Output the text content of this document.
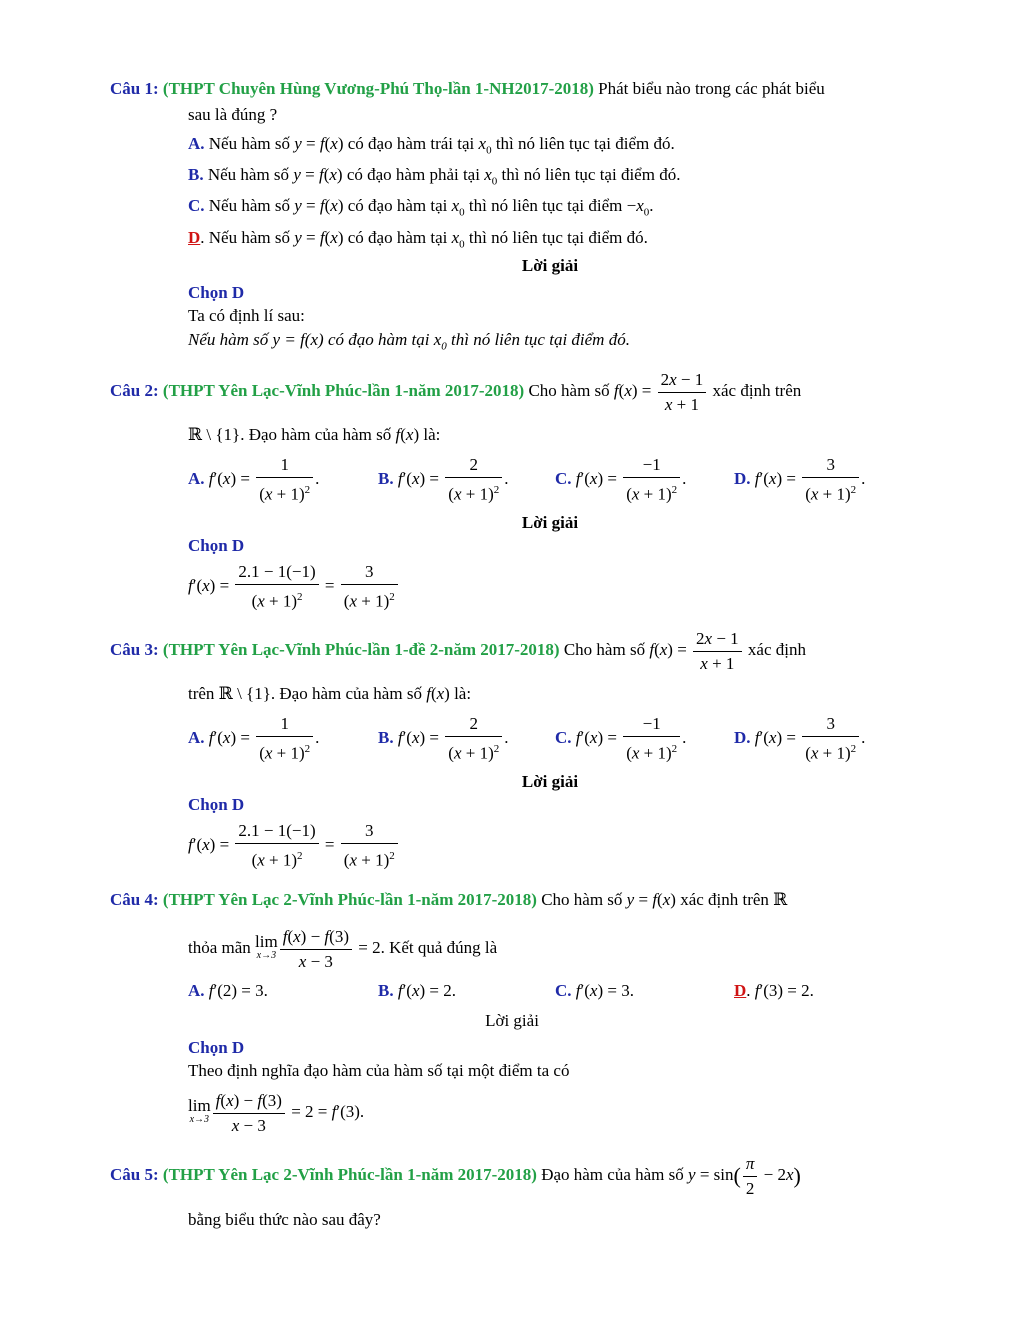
Câu 1: (THPT Chuyên Hùng Vương-Phú Thọ-lần 1-NH2017-2018) Phát biểu nào trong các phát biểu
sau là đúng ?
A. Nếu hàm số y = f(x) có đạo hàm trái tại $x_0$ thì nó liên tục tại điểm đó.
B. Nếu hàm số y = f(x) có đạo hàm phải tại $x_0$ thì nó liên tục tại điểm đó.
C. Nếu hàm số y = f(x) có đạo hàm tại $x_0$ thì nó liên tục tại điểm $-x_0$.
D. Nếu hàm số y = f(x) có đạo hàm tại $x_0$ thì nó liên tục tại điểm đó.
Lời giải
Chọn D
Ta có định lí sau:
Nếu hàm số y = f(x) có đạo hàm tại $x_0$ thì nó liên tục tại điểm đó.
Câu 2: (THPT Yên Lạc-Vĩnh Phúc-lần 1-năm 2017-2018) Cho hàm số $f(x) = \frac{2x - 1}{x + 1}$ xác định trên
ℝ \ {1}. Đạo hàm của hàm số f(x) là:
A. $f'(x) = \frac{1}{(x + 1)^2}$ .	B. $f'(x) = \frac{2}{(x + 1)^2}$ .	C. $f'(x) = \frac{-1}{(x + 1)^2}$ .	D. $f'(x) = \frac{3}{(x + 1)^2}$ .
Lời giải
Chọn D
$f'(x) = \frac{2.1 - 1(-1)}{(x + 1)^2} = \frac{3}{(x + 1)^2}$
Câu 3: (THPT Yên Lạc-Vĩnh Phúc-lần 1-đề 2-năm 2017-2018) Cho hàm số $f(x) = \frac{2x - 1}{x + 1}$ xác định
trên ℝ \ {1}. Đạo hàm của hàm số f(x) là:
A. $f'(x) = \frac{1}{(x + 1)^2}$ .	B. $f'(x) = \frac{2}{(x + 1)^2}$ .	C. $f'(x) = \frac{-1}{(x + 1)^2}$ .	D. $f'(x) = \frac{3}{(x + 1)^2}$ .
Lời giải
Chọn D
$f'(x) = \frac{2.1 - 1(-1)}{(x + 1)^2} = \frac{3}{(x + 1)^2}$
Câu 4: (THPT Yên Lạc 2-Vĩnh Phúc-lần 1-năm 2017-2018) Cho hàm số y = f(x) xác định trên ℝ
thỏa mãn lim
$x\to 3 \frac{f(x) - f(3)}{x - 3} = 2$. Kết quả đúng là
A. f′(2) = 3.	B. f′(x) = 2.	C. f′(x) = 3.	D. f′(3) = 2.
Lời giải
Chọn D
Theo định nghĩa đạo hàm của hàm số tại một điểm ta có
lim
$x\to 3 \frac{f(x) - f(3)}{x - 3} = 2 = f'(3)$.
Câu 5: (THPT Yên Lạc 2-Vĩnh Phúc-lần 1-năm 2017-2018) Đạo hàm của hàm số $y = \sin( \frac{\pi}{2} - 2x)$
bằng biểu thức nào sau đây?
